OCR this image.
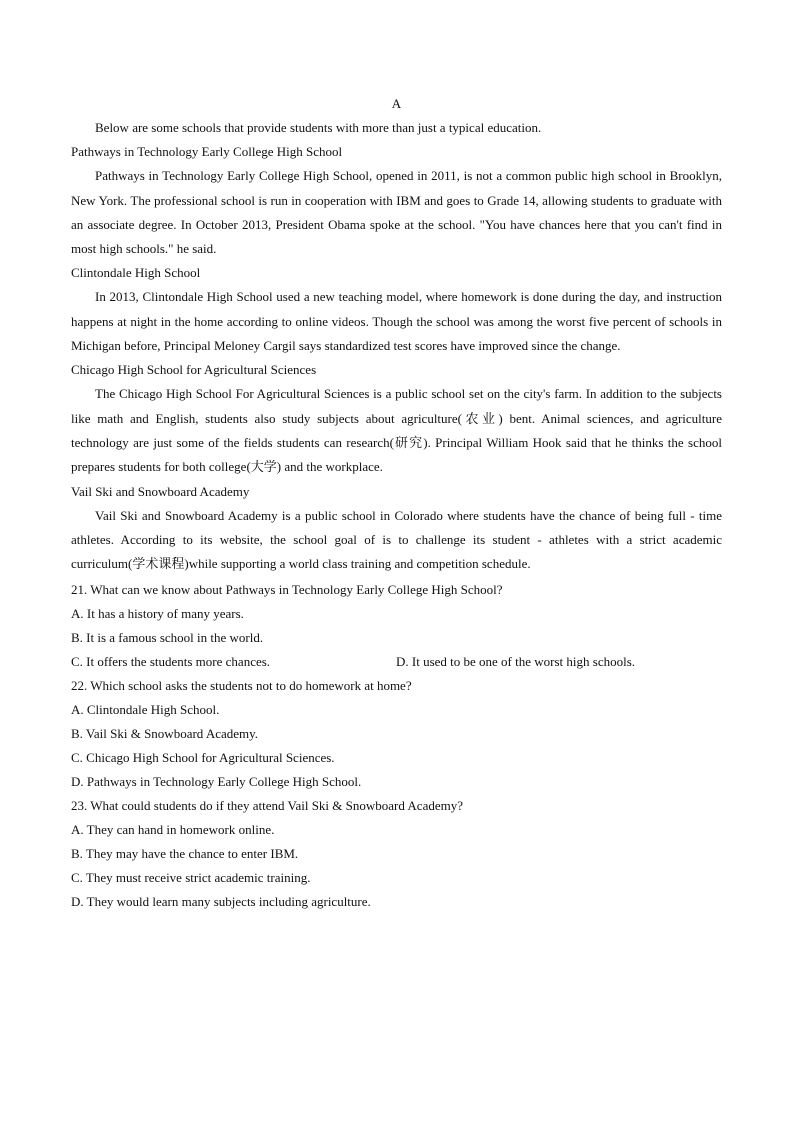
A

Below are some schools that provide students with more than just a typical education.

Pathways in Technology Early College High School

Pathways in Technology Early College High School, opened in 2011, is not a common public high school in Brooklyn, New York. The professional school is run in cooperation with IBM and goes to Grade 14, allowing students to graduate with an associate degree. In October 2013, President Obama spoke at the school. "You have chances here that you can't find in most high schools." he said.

Clintondale High School

In 2013, Clintondale High School used a new teaching model, where homework is done during the day, and instruction happens at night in the home according to online videos. Though the school was among the worst five percent of schools in Michigan before, Principal Meloney Cargil says standardized test scores have improved since the change.

Chicago High School for Agricultural Sciences

The Chicago High School For Agricultural Sciences is a public school set on the city's farm. In addition to the subjects like math and English, students also study subjects about agriculture(农业) bent. Animal sciences, and agriculture technology are just some of the fields students can research(研究). Principal William Hook said that he thinks the school prepares students for both college(大学) and the workplace.

Vail Ski and Snowboard Academy

Vail Ski and Snowboard Academy is a public school in Colorado where students have the chance of being full - time athletes. According to its website, the school goal of is to challenge its student - athletes with a strict academic curriculum(学术课程)while supporting a world class training and competition schedule.

21. What can we know about Pathways in Technology Early College High School?
A. It has a history of many years.
B. It is a famous school in the world.
C. It offers the students more chances.	D. It used to be one of the worst high schools.
22. Which school asks the students not to do homework at home?
A. Clintondale High School.
B. Vail Ski & Snowboard Academy.
C. Chicago High School for Agricultural Sciences.
D. Pathways in Technology Early College High School.
23. What could students do if they attend Vail Ski & Snowboard Academy?
A. They can hand in homework online.
B. They may have the chance to enter IBM.
C. They must receive strict academic training.
D. They would learn many subjects including agriculture.
